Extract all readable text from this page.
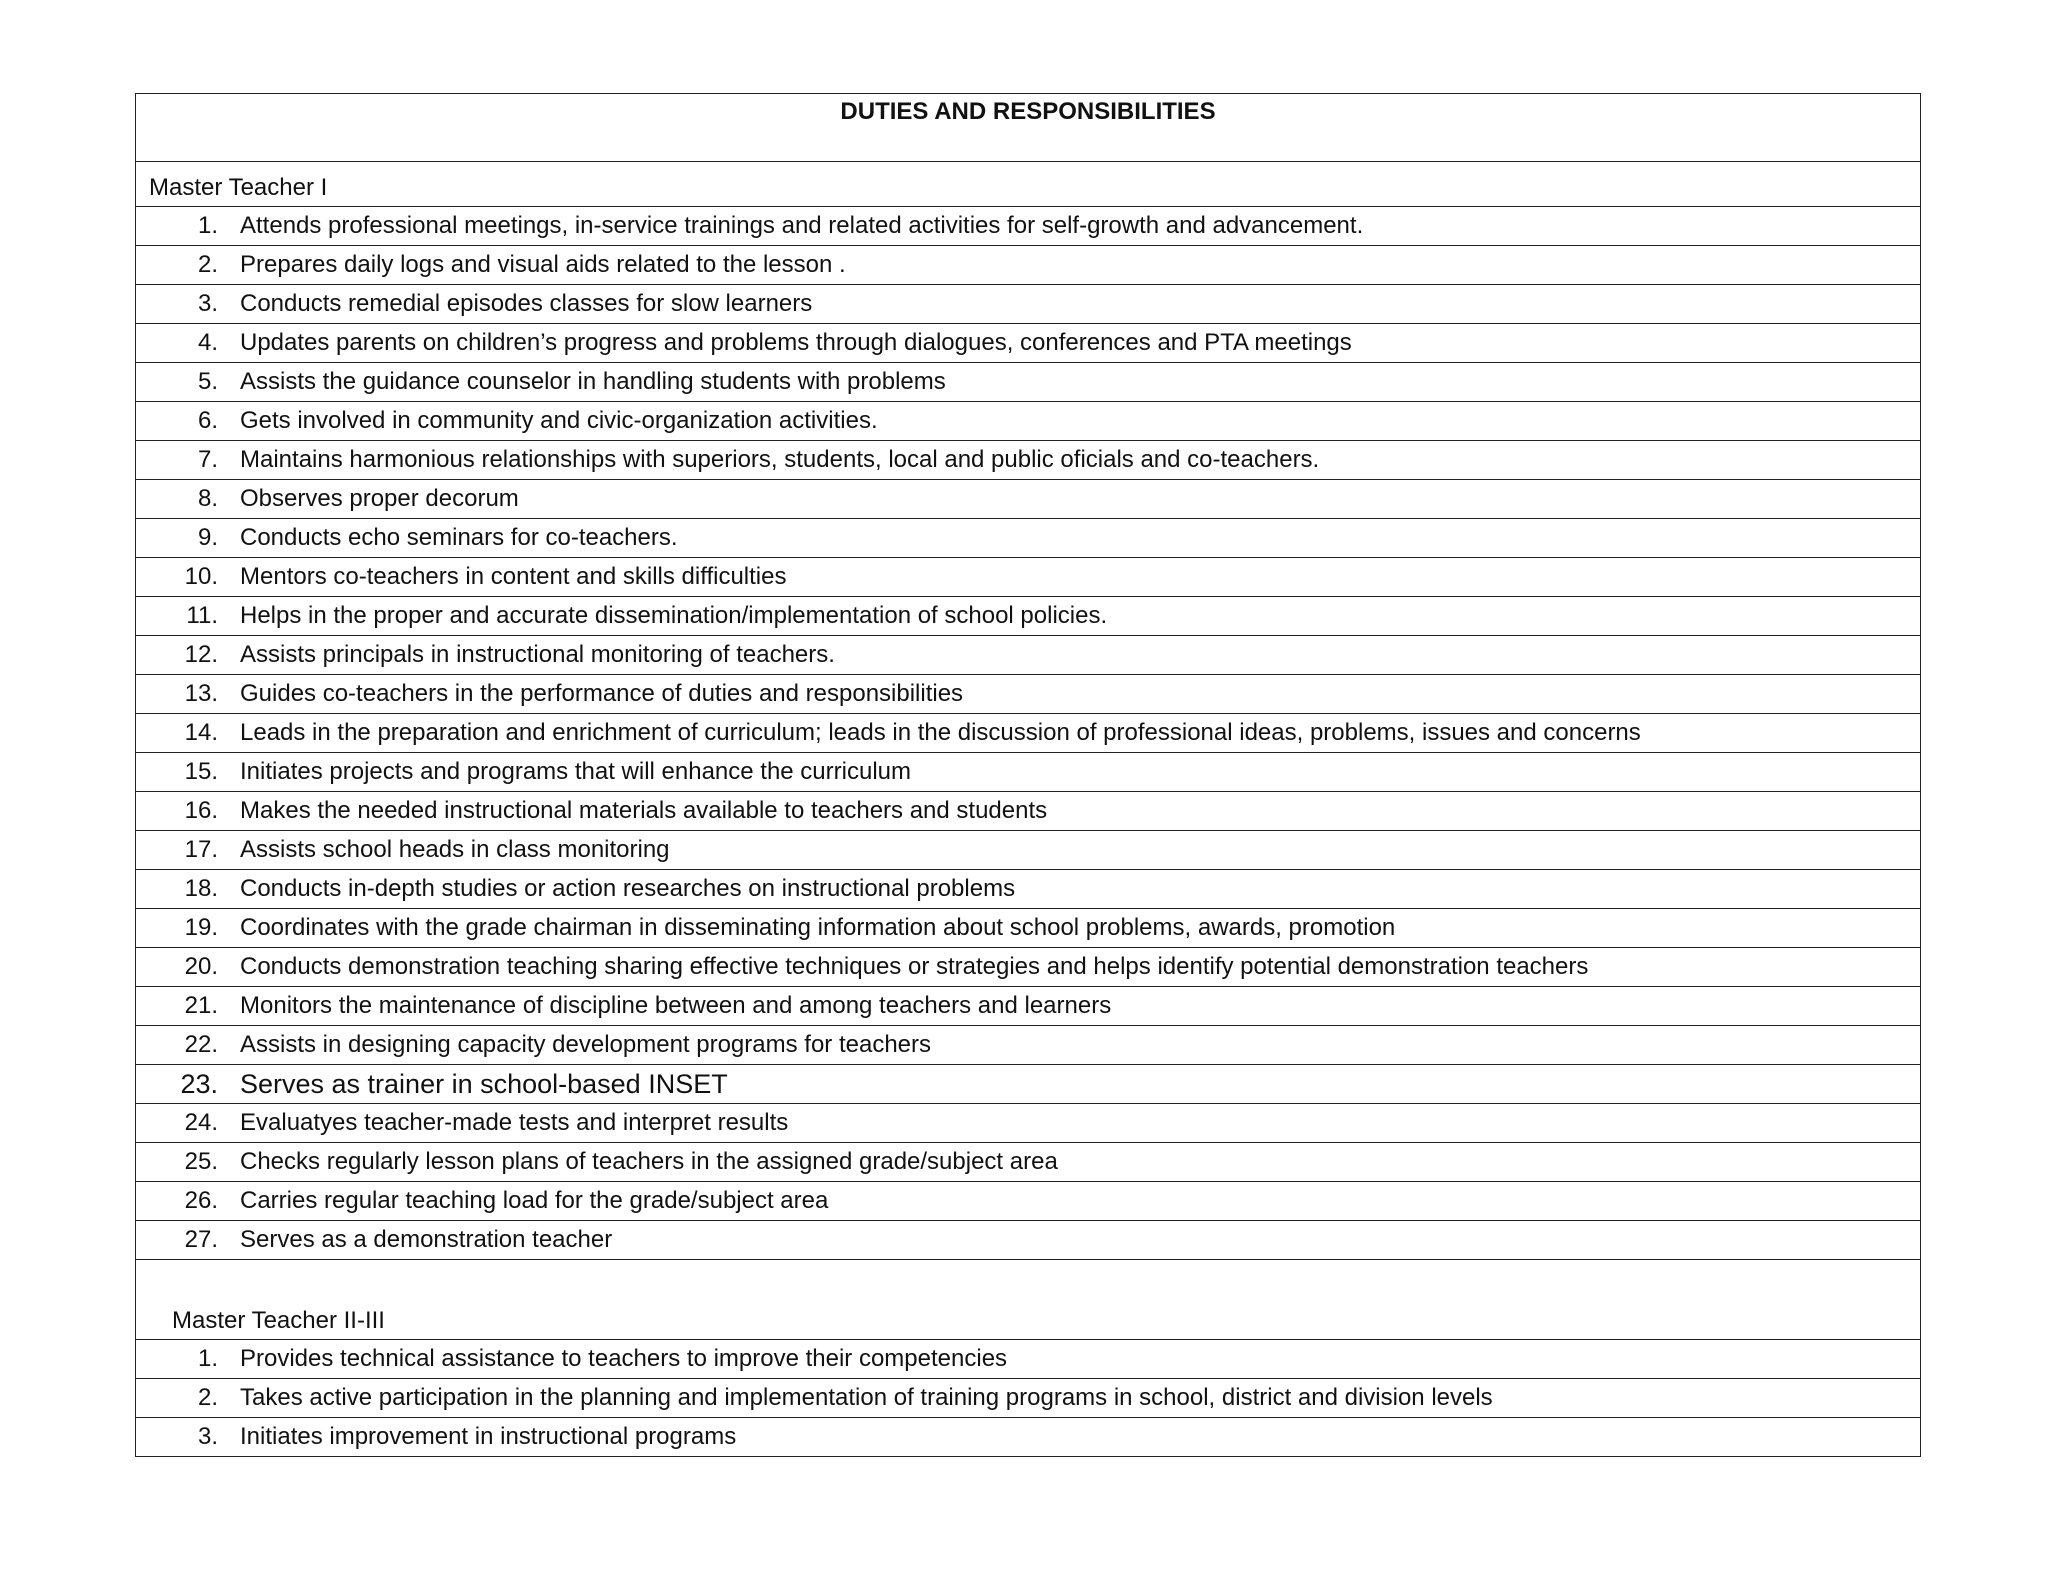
DUTIES AND RESPONSIBILITIES
Master Teacher I
1. Attends professional meetings, in-service trainings and related activities for self-growth and advancement.
2. Prepares daily logs and visual aids related to the lesson .
3. Conducts remedial episodes classes for slow learners
4. Updates parents on children’s progress and problems through dialogues, conferences and PTA meetings
5. Assists the guidance counselor in handling students with problems
6. Gets involved in community and civic-organization activities.
7. Maintains harmonious relationships with superiors, students, local and public oficials and co-teachers.
8. Observes proper decorum
9. Conducts echo seminars for co-teachers.
10. Mentors co-teachers in content and skills difficulties
11. Helps in the proper and accurate dissemination/implementation of school policies.
12. Assists principals in instructional monitoring of teachers.
13. Guides co-teachers in the performance of duties and responsibilities
14. Leads in the preparation and enrichment of curriculum; leads in the discussion of professional ideas, problems, issues and concerns
15. Initiates projects and programs that will enhance the curriculum
16. Makes the needed instructional materials available to teachers and students
17. Assists school heads in class monitoring
18. Conducts in-depth studies or action researches on instructional problems
19. Coordinates with the grade chairman in disseminating information about school problems, awards, promotion
20. Conducts demonstration teaching sharing effective techniques or strategies and helps identify potential demonstration teachers
21. Monitors the maintenance of discipline between and among teachers and learners
22. Assists in designing capacity development programs for teachers
23. Serves as trainer in school-based INSET
24. Evaluatyes teacher-made tests and interpret results
25. Checks regularly lesson plans of teachers in the assigned grade/subject area
26. Carries regular teaching load for the grade/subject area
27. Serves as a demonstration teacher
Master Teacher II-III
1. Provides technical assistance to teachers to improve their competencies
2. Takes active participation in the planning and implementation of training programs in school, district and division levels
3. Initiates improvement in instructional programs
